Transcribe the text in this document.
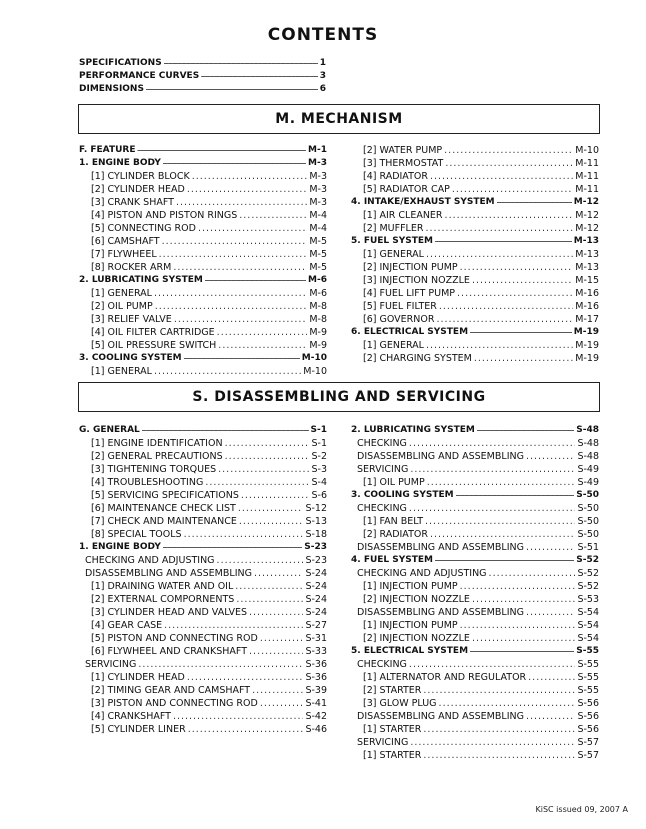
CONTENTS
SPECIFICATIONS _____	1
PERFORMANCE CURVES _____	3
DIMENSIONS _____	6
M. MECHANISM
F. FEATURE _____	M-1
1. ENGINE BODY _____	M-3
[1] CYLINDER BLOCK .....	M-3
[2] CYLINDER HEAD .....	M-3
[3] CRANK SHAFT .....	M-3
[4] PISTON AND PISTON RINGS .....	M-4
[5] CONNECTING ROD .....	M-4
[6] CAMSHAFT .....	M-5
[7] FLYWHEEL .....	M-5
[8] ROCKER ARM .....	M-5
2. LUBRICATING SYSTEM _____	M-6
[1] GENERAL .....	M-6
[2] OIL PUMP .....	M-8
[3] RELIEF VALVE .....	M-8
[4] OIL FILTER CARTRIDGE .....	M-9
[5] OIL PRESSURE SWITCH .....	M-9
3. COOLING SYSTEM _____	M-10
[1] GENERAL .....	M-10
[2] WATER PUMP .....	M-10
[3] THERMOSTAT .....	M-11
[4] RADIATOR .....	M-11
[5] RADIATOR CAP .....	M-11
4. INTAKE/EXHAUST SYSTEM _____	M-12
[1] AIR CLEANER .....	M-12
[2] MUFFLER .....	M-12
5. FUEL SYSTEM _____	M-13
[1] GENERAL .....	M-13
[2] INJECTION PUMP .....	M-13
[3] INJECTION NOZZLE .....	M-15
[4] FUEL LIFT PUMP .....	M-16
[5] FUEL FILTER .....	M-16
[6] GOVERNOR .....	M-17
6. ELECTRICAL SYSTEM _____	M-19
[1] GENERAL .....	M-19
[2] CHARGING SYSTEM .....	M-19
S. DISASSEMBLING AND SERVICING
G. GENERAL _____	S-1
[1] ENGINE IDENTIFICATION .....	S-1
[2] GENERAL PRECAUTIONS .....	S-2
[3] TIGHTENING TORQUES .....	S-3
[4] TROUBLESHOOTING .....	S-4
[5] SERVICING SPECIFICATIONS .....	S-6
[6] MAINTENANCE CHECK LIST .....	S-12
[7] CHECK AND MAINTENANCE .....	S-13
[8] SPECIAL TOOLS .....	S-18
1. ENGINE BODY _____	S-23
CHECKING AND ADJUSTING .....	S-23
DISASSEMBLING AND ASSEMBLING .....	S-24
[1] DRAINING WATER AND OIL .....	S-24
[2] EXTERNAL COMPORNENTS .....	S-24
[3] CYLINDER HEAD AND VALVES .....	S-24
[4] GEAR CASE .....	S-27
[5] PISTON AND CONNECTING ROD .....	S-31
[6] FLYWHEEL AND CRANKSHAFT .....	S-33
SERVICING .....	S-36
[1] CYLINDER HEAD .....	S-36
[2] TIMING GEAR AND CAMSHAFT .....	S-39
[3] PISTON AND CONNECTING ROD .....	S-41
[4] CRANKSHAFT .....	S-42
[5] CYLINDER LINER .....	S-46
2. LUBRICATING SYSTEM _____	S-48
CHECKING .....	S-48
DISASSEMBLING AND ASSEMBLING .....	S-48
SERVICING .....	S-49
[1] OIL PUMP .....	S-49
3. COOLING SYSTEM _____	S-50
CHECKING .....	S-50
[1] FAN BELT .....	S-50
[2] RADIATOR .....	S-50
DISASSEMBLING AND ASSEMBLING .....	S-51
4. FUEL SYSTEM _____	S-52
CHECKING AND ADJUSTING .....	S-52
[1] INJECTION PUMP .....	S-52
[2] INJECTION NOZZLE .....	S-53
DISASSEMBLING AND ASSEMBLING .....	S-54
[1] INJECTION PUMP .....	S-54
[2] INJECTION NOZZLE .....	S-54
5. ELECTRICAL SYSTEM _____	S-55
CHECKING .....	S-55
[1] ALTERNATOR AND REGULATOR .....	S-55
[2] STARTER .....	S-55
[3] GLOW PLUG .....	S-56
DISASSEMBLING AND ASSEMBLING .....	S-56
[1] STARTER .....	S-56
SERVICING .....	S-57
[1] STARTER .....	S-57
KiSC issued 09, 2007 A
